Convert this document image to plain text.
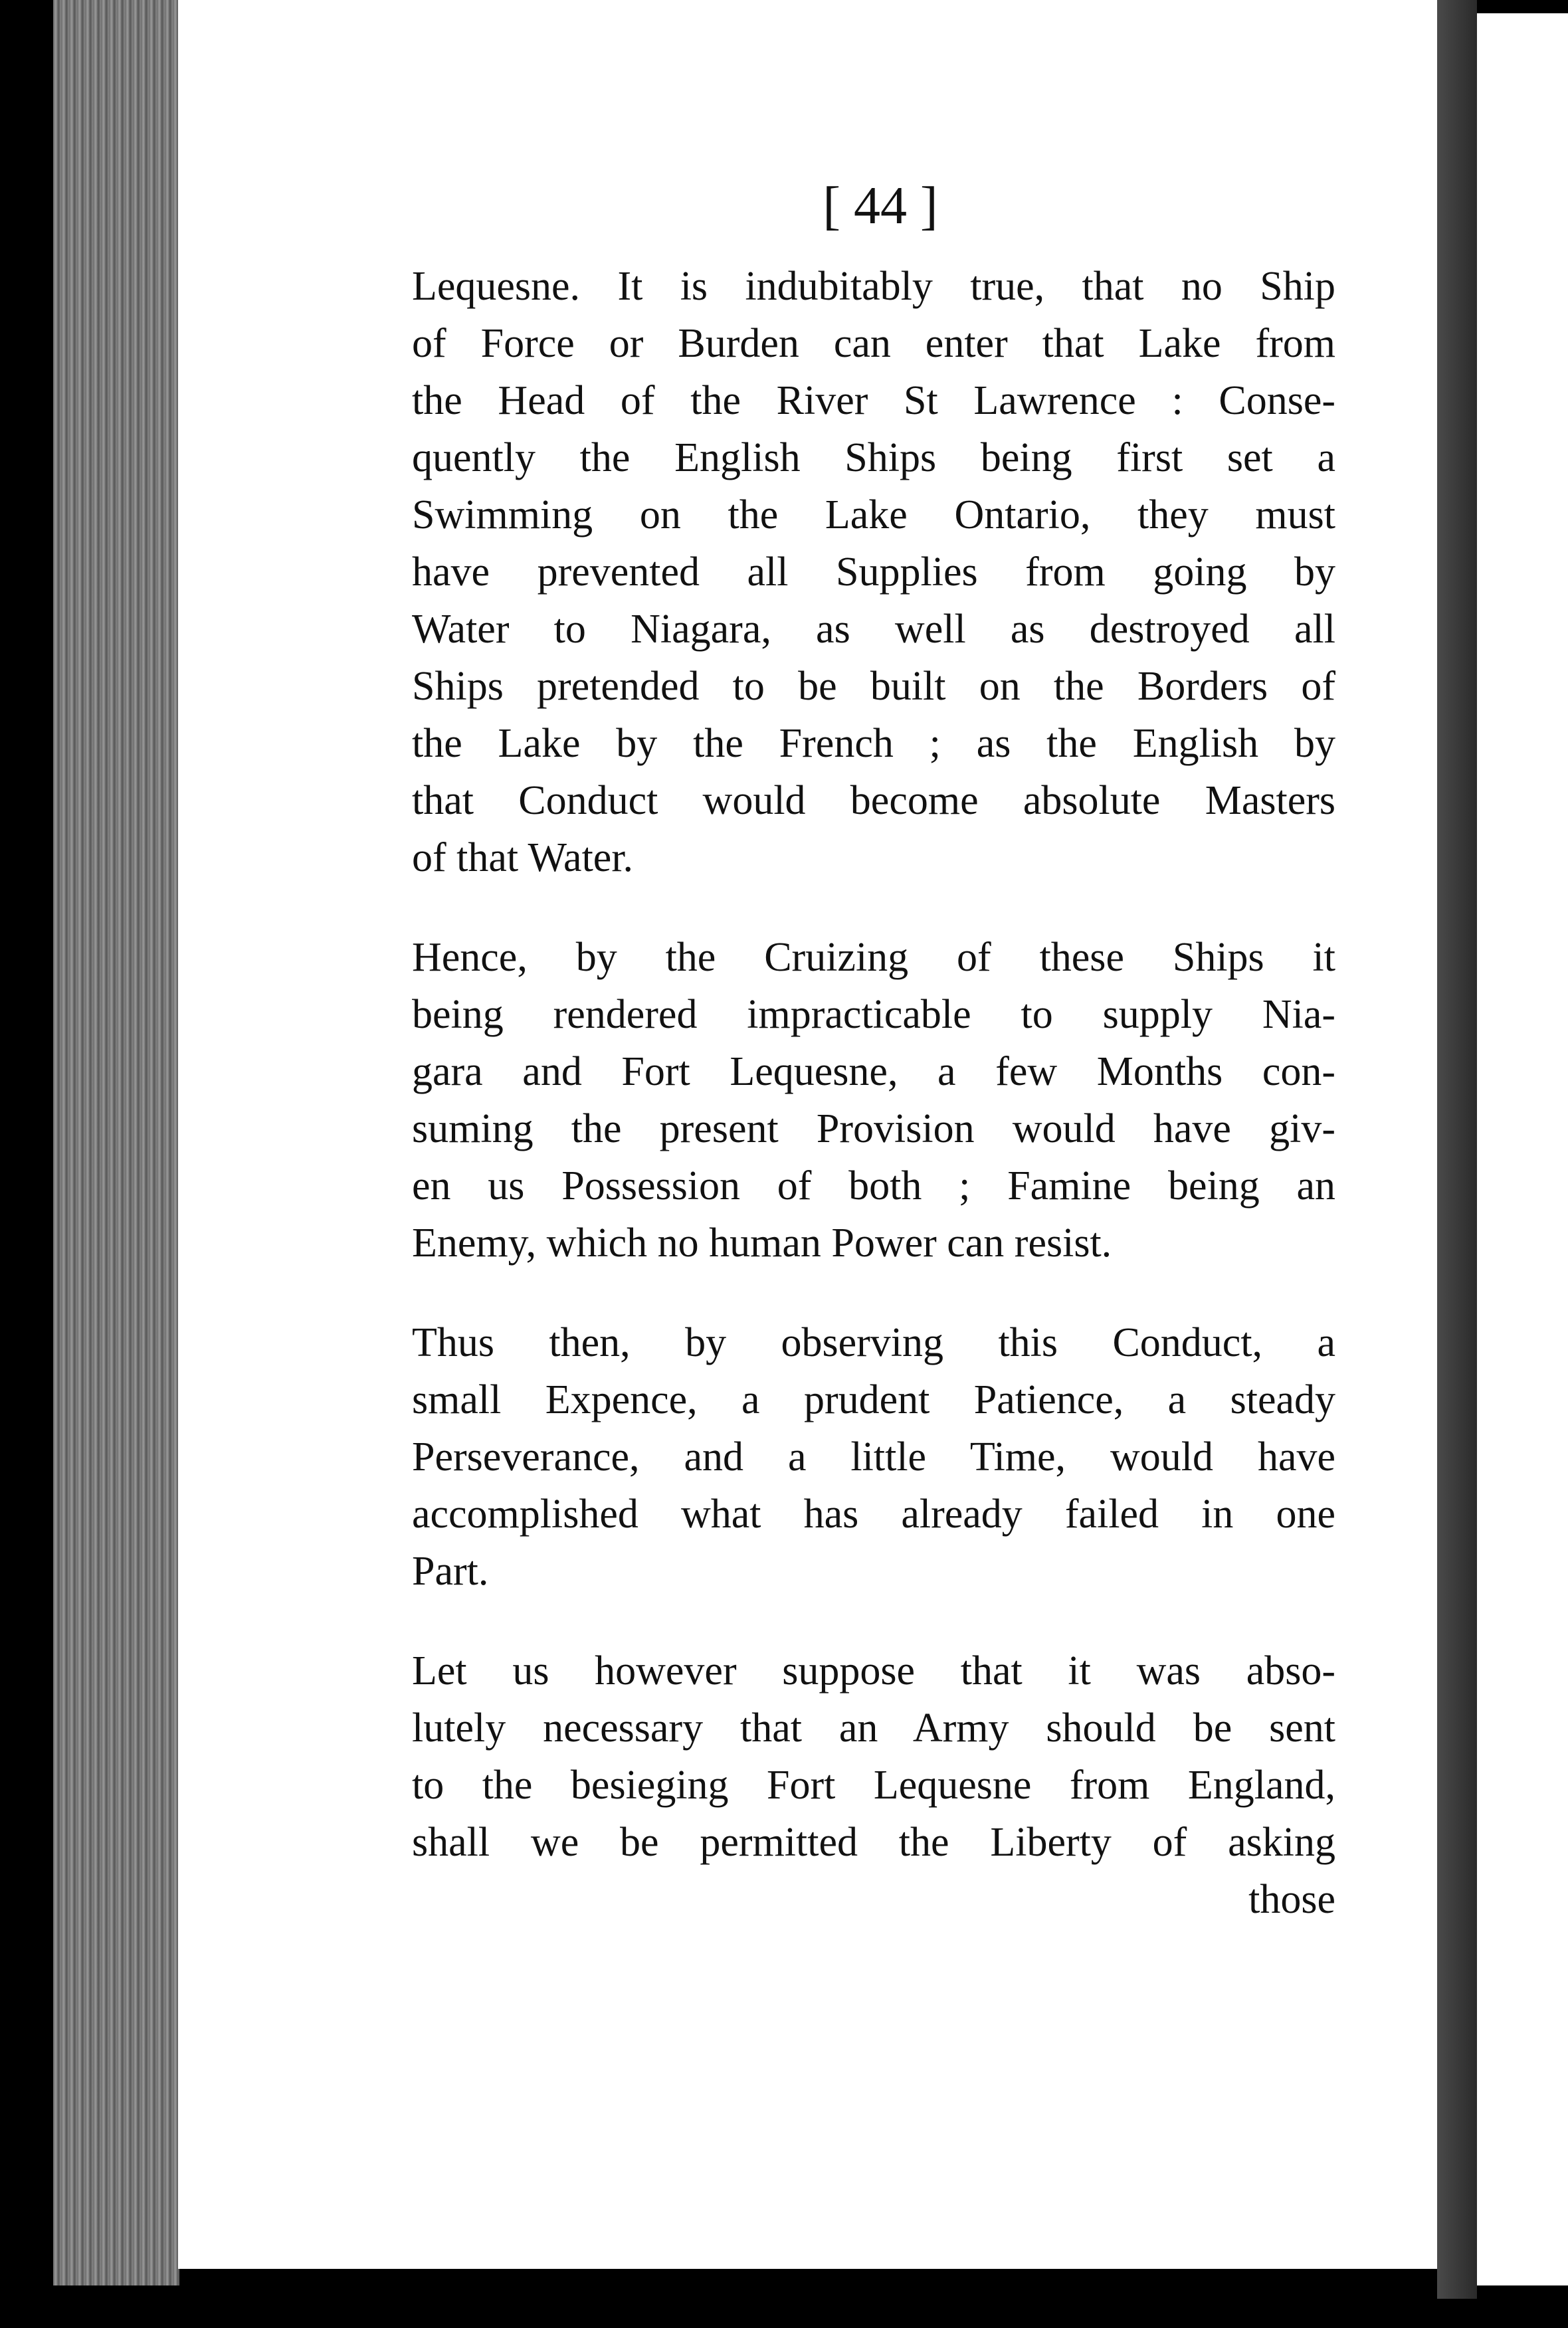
[ 44 ]
Lequesne. It is indubitably true, that no Ship
of Force or Burden can enter that Lake from
the Head of the River St Lawrence : Conse-
quently the English Ships being first set a
Swimming on the Lake Ontario, they must
have prevented all Supplies from going by
Water to Niagara, as well as destroyed all
Ships pretended to be built on the Borders of
the Lake by the French ; as the English by
that Conduct would become absolute Masters
of that Water.
Hence, by the Cruizing of these Ships it
being rendered impracticable to supply Nia-
gara and Fort Lequesne, a few Months con-
suming the present Provision would have giv-
en us Possession of both ; Famine being an
Enemy, which no human Power can resist.
Thus then, by observing this Conduct, a
small Expence, a prudent Patience, a steady
Perseverance, and a little Time, would have
accomplished what has already failed in one
Part.
Let us however suppose that it was abso-
lutely necessary that an Army should be sent
to the besieging Fort Lequesne from England,
shall we be permitted the Liberty of asking
those
